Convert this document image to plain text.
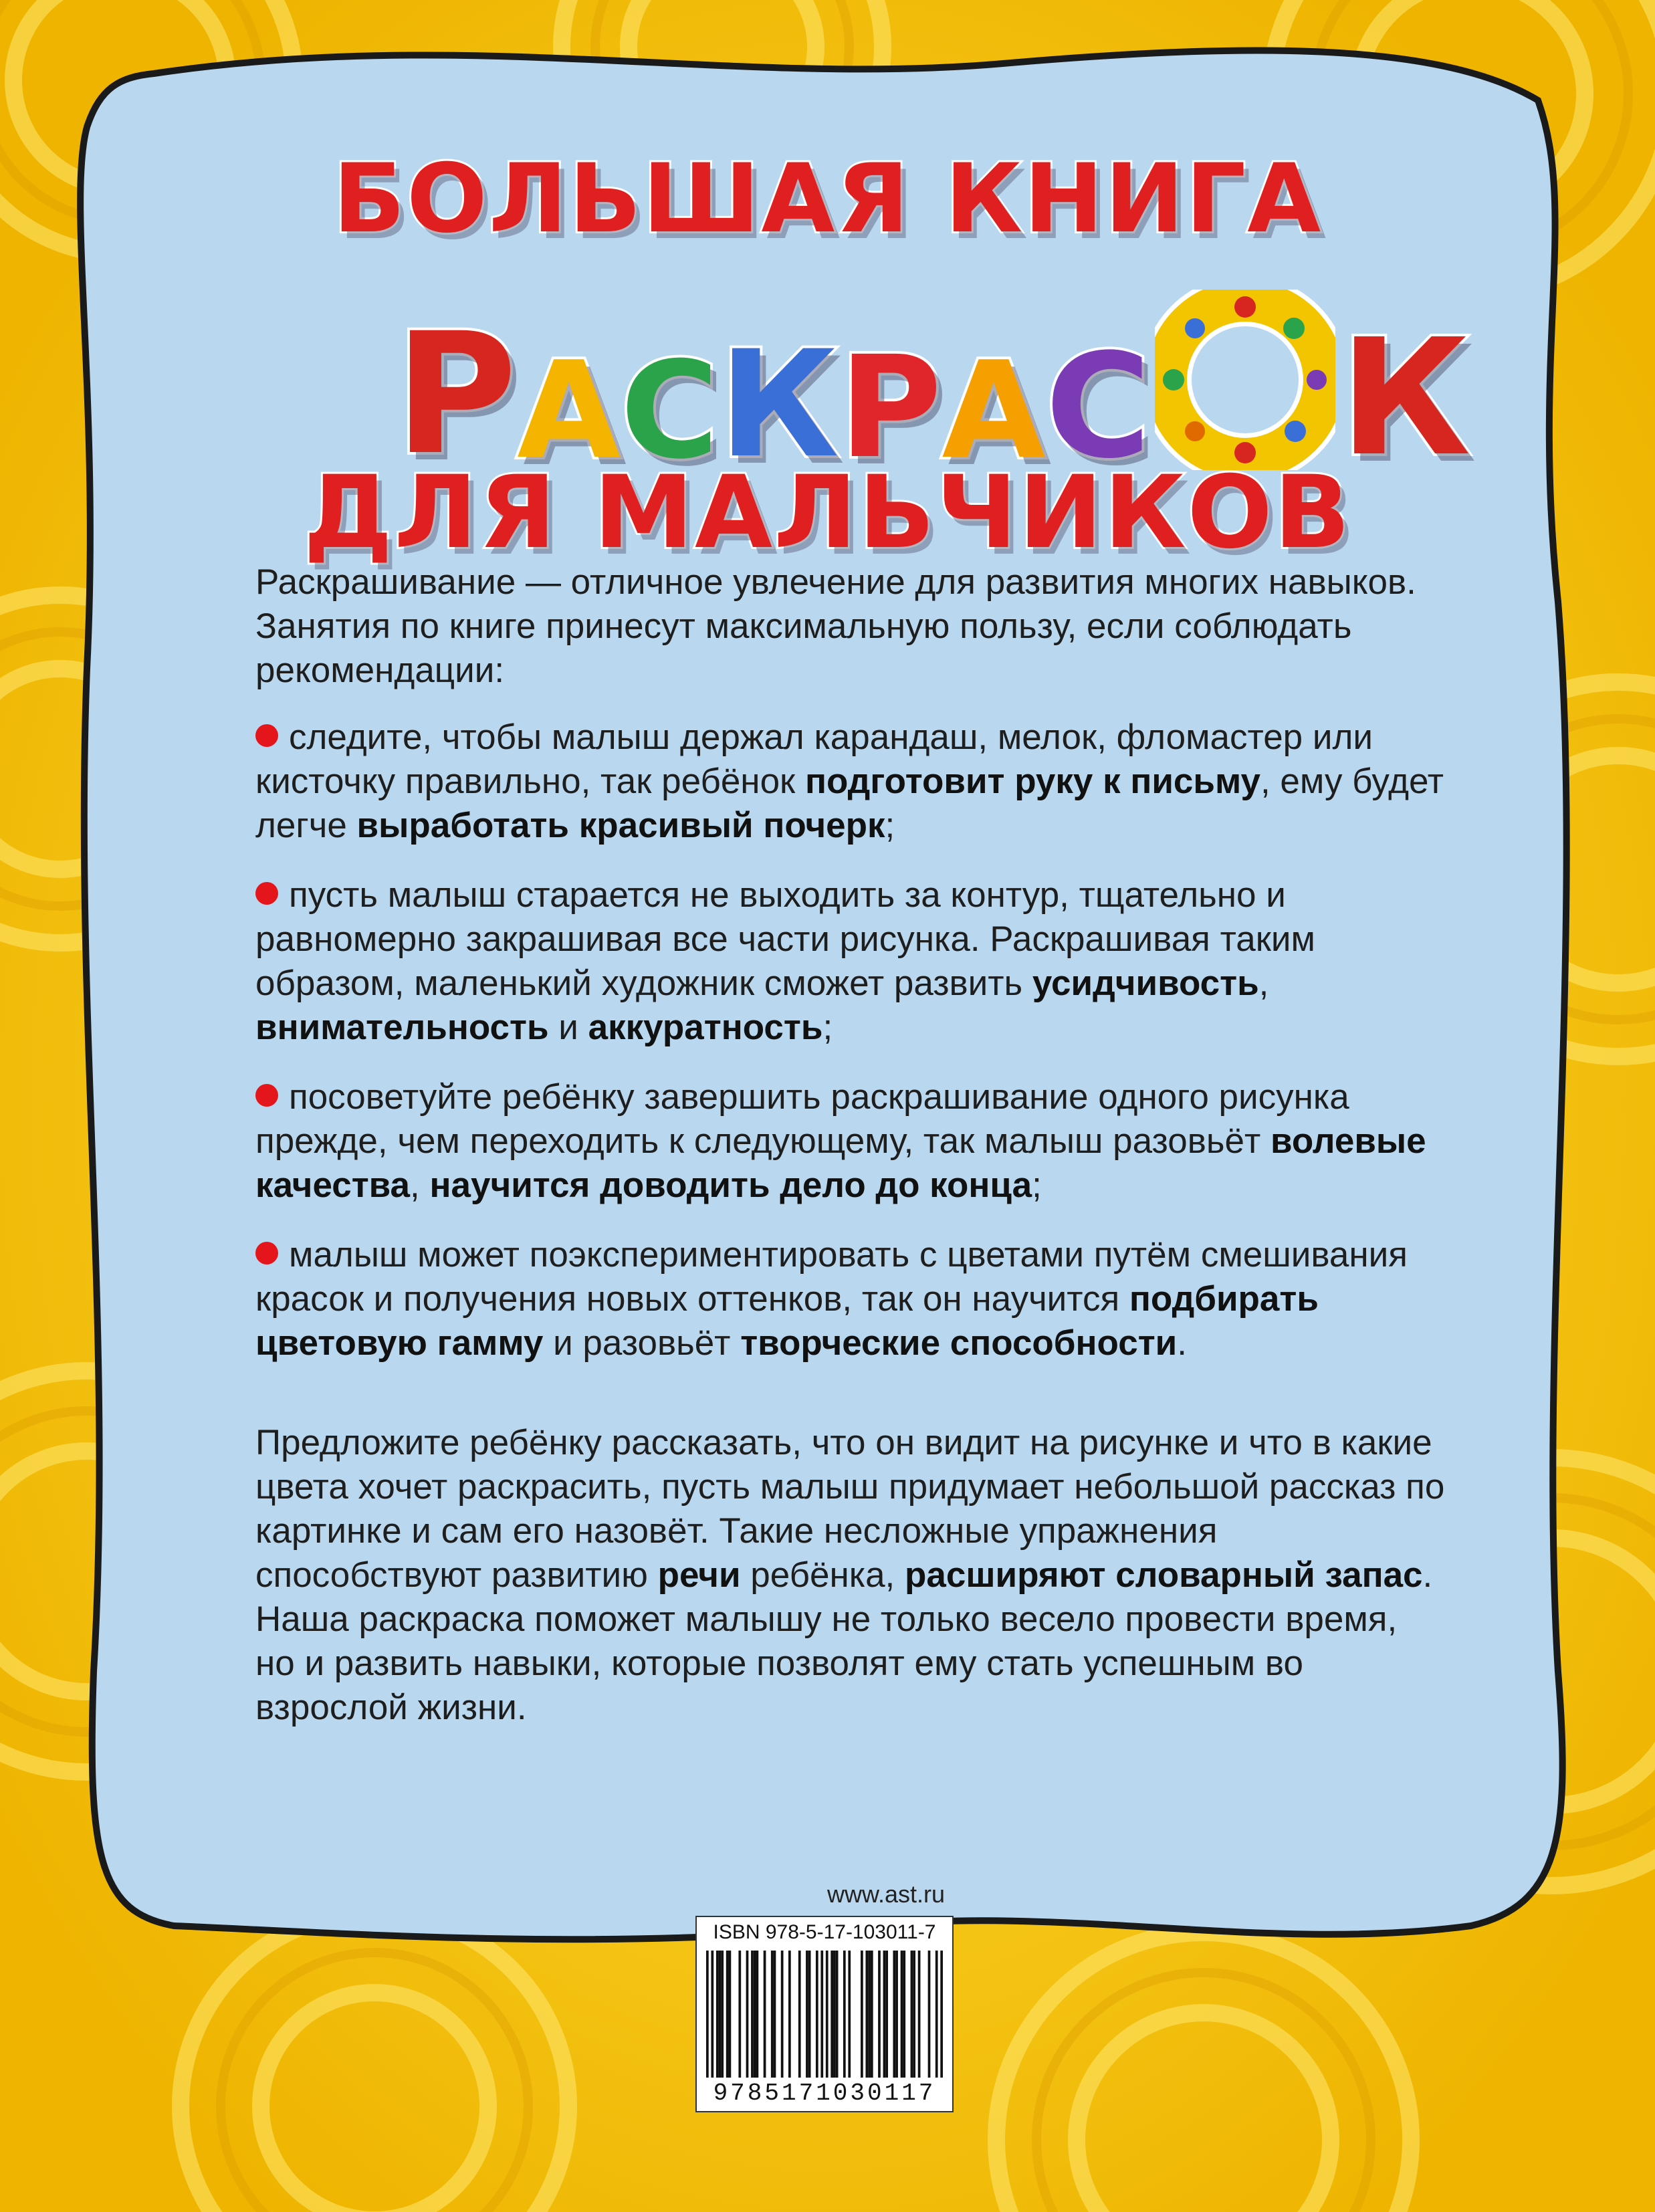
БОЛЬШАЯ КНИГА
Р А С К Р А С К
ДЛЯ МАЛЬЧИКОВ

Раскрашивание — отличное увлечение для развития многих навыков. Занятия по книге принесут максимальную пользу, если соблюдать рекомендации:

следите, чтобы малыш держал карандаш, мелок, фломастер или кисточку правильно, так ребёнок подготовит руку к письму, ему будет легче выработать красивый почерк;
пусть малыш старается не выходить за контур, тщательно и равномерно закрашивая все части рисунка. Раскрашивая таким образом, маленький художник сможет развить усидчивость, внимательность и аккуратность;
посоветуйте ребёнку завершить раскрашивание одного рисунка прежде, чем переходить к следующему, так малыш разовьёт волевые качества, научится доводить дело до конца;
малыш может поэкспериментировать с цветами путём смешивания красок и получения новых оттенков, так он научится подбирать цветовую гамму и разовьёт творческие способности.

Предложите ребёнку рассказать, что он видит на рисунке и что в какие цвета хочет раскрасить, пусть малыш придумает небольшой рассказ по картинке и сам его назовёт. Такие несложные упражнения способствуют развитию речи ребёнка, расширяют словарный запас. Наша раскраска поможет малышу не только весело провести время, но и развить навыки, которые позволят ему стать успешным во взрослой жизни.

www.ast.ru
ISBN 978-5-17-103011-7
9785171030117
